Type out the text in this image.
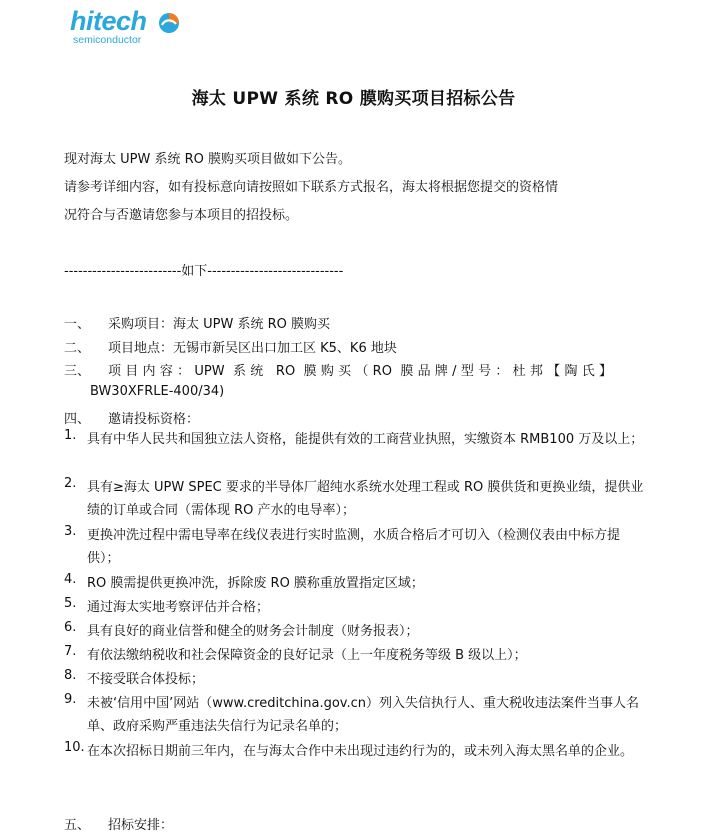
hitech
semiconductor
海太 UPW 系统 RO 膜购买项目招标公告
现对海太 UPW 系统 RO 膜购买项目做如下公告。
请参考详细内容，如有投标意向请按照如下联系方式报名，海太将根据您提交的资格情
况符合与否邀请您参与本项目的招投标。
-------------------------如下-----------------------------
一、 采购项目：海太 UPW 系统 RO 膜购买
二、 项目地点：无锡市新吴区出口加工区 K5、K6 地块
三、	项目内容：UPW 系统 RO 膜购买（RO 膜品牌/型号：杜邦【陶氏】
BW30XFRLE-400/34)
四、 邀请投标资格：
1. 具有中华人民共和国独立法人资格，能提供有效的工商营业执照，实缴资本 RMB100 万及以上；
2. 具有≥海太 UPW SPEC 要求的半导体厂超纯水系统水处理工程或 RO 膜供货和更换业绩，提供业绩的订单或合同（需体现 RO 产水的电导率）；
3. 更换冲洗过程中需电导率在线仪表进行实时监测，水质合格后才可切入（检测仪表由中标方提供）；
4. RO 膜需提供更换冲洗，拆除废 RO 膜称重放置指定区域；
5. 通过海太实地考察评估并合格；
6. 具有良好的商业信誉和健全的财务会计制度（财务报表）；
7. 有依法缴纳税收和社会保障资金的良好记录（上一年度税务等级 B 级以上）；
8. 不接受联合体投标；
9. 未被‘信用中国’网站（www.creditchina.gov.cn）列入失信执行人、重大税收违法案件当事人名单、政府采购严重违法失信行为记录名单的；
10. 在本次招标日期前三年内，在与海太合作中未出现过违约行为的，或未列入海太黑名单的企业。
五、 招标安排：
